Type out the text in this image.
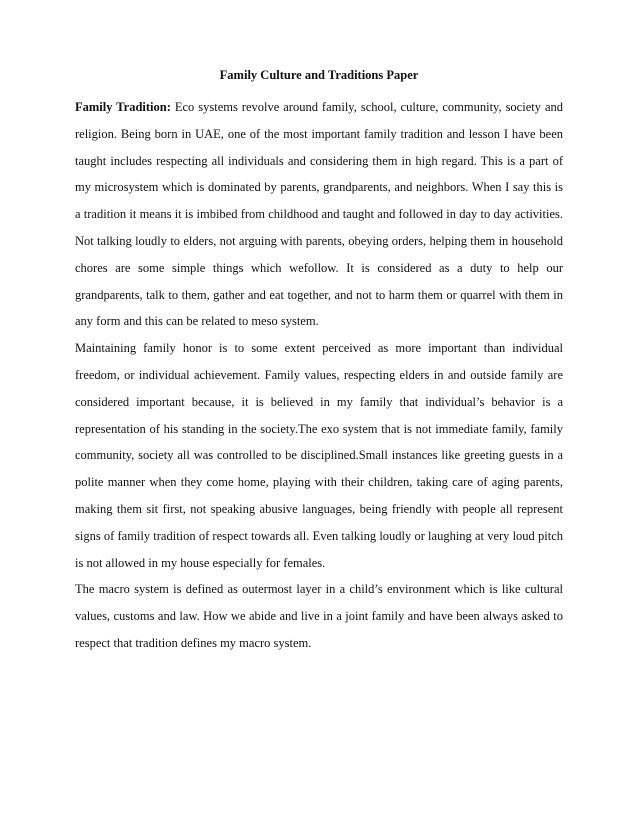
Family Culture and Traditions Paper

Family Tradition: Eco systems revolve around family, school, culture, community, society and religion. Being born in UAE, one of the most important family tradition and lesson I have been taught includes respecting all individuals and considering them in high regard. This is a part of my microsystem which is dominated by parents, grandparents, and neighbors. When I say this is a tradition it means it is imbibed from childhood and taught and followed in day to day activities. Not talking loudly to elders, not arguing with parents, obeying orders, helping them in household chores are some simple things which wefollow. It is considered as a duty to help our grandparents, talk to them, gather and eat together, and not to harm them or quarrel with them in any form and this can be related to meso system.

Maintaining family honor is to some extent perceived as more important than individual freedom, or individual achievement. Family values, respecting elders in and outside family are considered important because, it is believed in my family that individual’s behavior is a representation of his standing in the society.The exo system that is not immediate family, family community, society all was controlled to be disciplined.Small instances like greeting guests in a polite manner when they come home, playing with their children, taking care of aging parents, making them sit first, not speaking abusive languages, being friendly with people all represent signs of family tradition of respect towards all. Even talking loudly or laughing at very loud pitch is not allowed in my house especially for females.

The macro system is defined as outermost layer in a child’s environment which is like cultural values, customs and law. How we abide and live in a joint family and have been always asked to respect that tradition defines my macro system.
